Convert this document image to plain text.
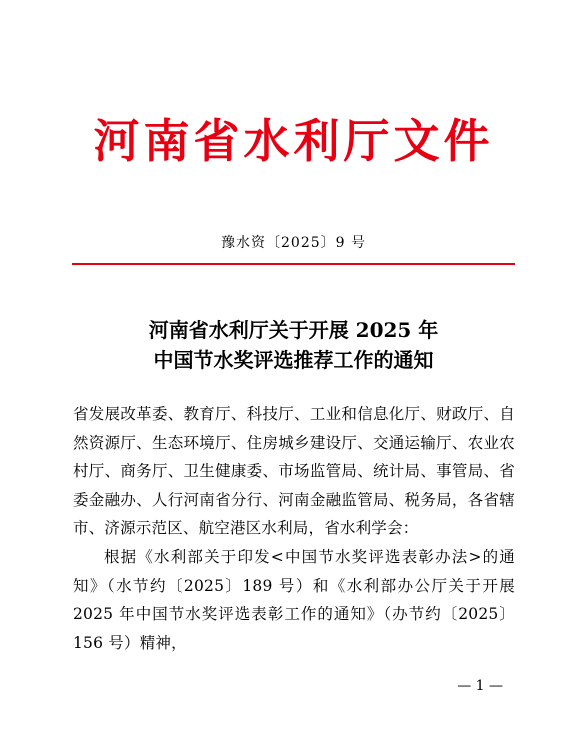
河南省水利厅文件
豫水资〔2025〕9 号
河南省水利厅关于开展 2025 年
中国节水奖评选推荐工作的通知

省发展改革委、教育厅、科技厅、工业和信息化厅、财政厅、自然资源厅、生态环境厅、住房城乡建设厅、交通运输厅、农业农村厅、商务厅、卫生健康委、市场监管局、统计局、事管局、省委金融办、人行河南省分行、河南金融监管局、税务局，各省辖市、济源示范区、航空港区水利局，省水利学会：

根据《水利部关于印发<中国节水奖评选表彰办法>的通知》（水节约〔2025〕189 号）和《水利部办公厅关于开展 2025 年中国节水奖评选表彰工作的通知》（办节约〔2025〕156 号）精神，

— 1 —
